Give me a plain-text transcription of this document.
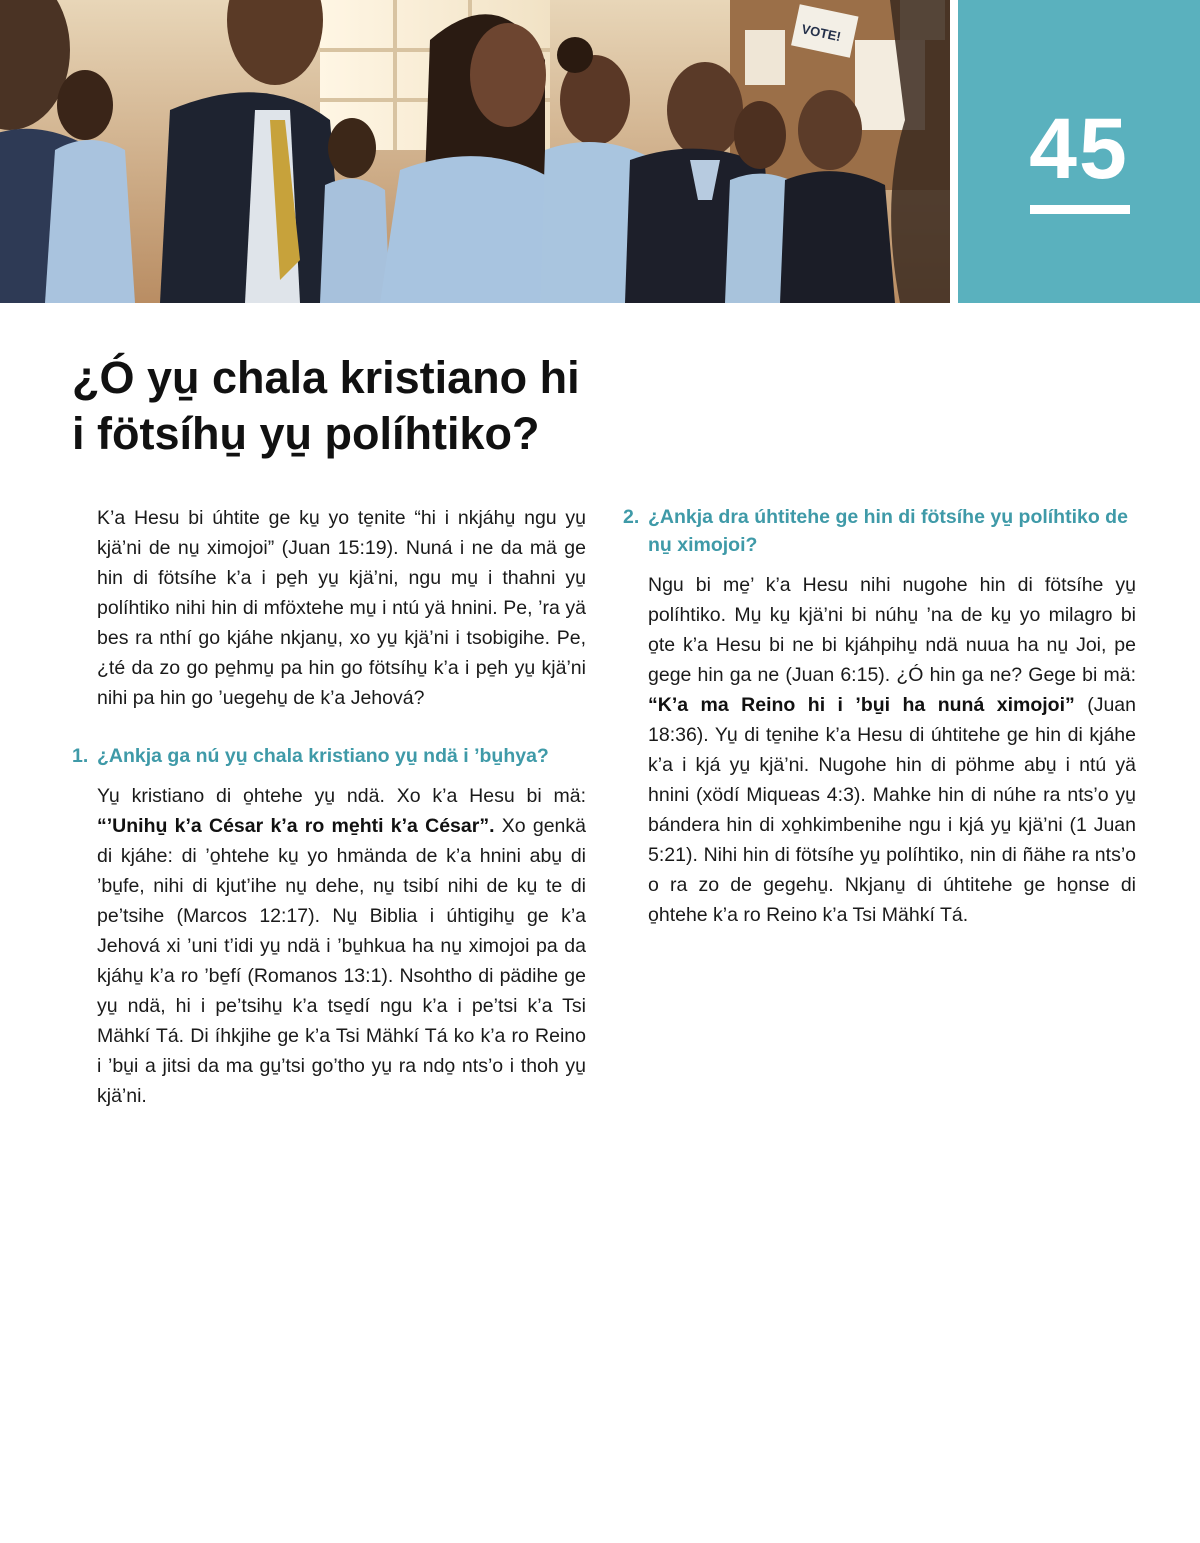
VOTE!
45
¿Ó yu̱ chala kristiano hi
i fötsíhu̱ yu̱ políhtiko?

K’a Hesu bi úhtite ge ku̱ yo te̱nite “hi i nkjáhu̱ ngu yu̱ kjä’ni de nu̱ ximojoi” (Juan 15:19). Nuná i ne da mä ge hin di fötsíhe k’a i pe̱h yu̱ kjä’ni, ngu mu̱ i thahni yu̱ políhtiko nihi hin di mföxtehe mu̱ i ntú yä hnini. Pe, ’ra yä bes ra nthí go kjáhe nkjanu̱, xo yu̱ kjä’ni i tsobigihe. Pe, ¿té da zo go pe̱hmu̱ pa hin go fötsíhu̱ k’a i pe̱h yu̱ kjä’ni nihi pa hin go ’uegehu̱ de k’a Jehová?

1. ¿Ankja ga nú yu̱ chala kristiano yu̱ ndä i ’bu̱hya?

Yu̱ kristiano di o̱htehe yu̱ ndä. Xo k’a Hesu bi mä: “’Unihu̱ k’a César k’a ro me̱hti k’a César”. Xo genkä di kjáhe: di ’o̱htehe ku̱ yo hmända de k’a hnini abu̱ di ’bu̱fe, nihi di kjut’ihe nu̱ dehe, nu̱ tsibí nihi de ku̱ te di pe’tsihe (Marcos 12:17). Nu̱ Biblia i úhtigihu̱ ge k’a Jehová xi ’uni t’idi yu̱ ndä i ’bu̱hkua ha nu̱ ximojoi pa da kjáhu̱ k’a ro ’be̱fí (Romanos 13:1). Nsohtho di pädihe ge yu̱ ndä, hi i pe’tsihu̱ k’a tse̱dí ngu k’a i pe’tsi k’a Tsi Mähkí Tá. Di íhkjihe ge k’a Tsi Mähkí Tá ko k’a ro Reino i ’bu̱i a jitsi da ma gu̱’tsi go’tho yu̱ ra ndo̱ nts’o i thoh yu̱ kjä’ni.

2. ¿Ankja dra úhtitehe ge hin di fötsíhe yu̱ políhtiko de nu̱ ximojoi?

Ngu bi me̱’ k’a Hesu nihi nugohe hin di fötsíhe yu̱ políhtiko. Mu̱ ku̱ kjä’ni bi núhu̱ ’na de ku̱ yo milagro bi o̱te k’a Hesu bi ne bi kjáhpihu̱ ndä nuua ha nu̱ Joi, pe gege hin ga ne (Juan 6:15). ¿Ó hin ga ne? Gege bi mä: “K’a ma Reino hi i ’bu̱i ha nuná ximojoi” (Juan 18:36). Yu̱ di te̱nihe k’a Hesu di úhtitehe ge hin di kjáhe k’a i kjá yu̱ kjä’ni. Nugohe hin di pöhme abu̱ i ntú yä hnini (xödí Miqueas 4:3). Mahke hin di núhe ra nts’o yu̱ bándera hin di xo̱hkimbenihe ngu i kjá yu̱ kjä’ni (1 Juan 5:21). Nihi hin di fötsíhe yu̱ políhtiko, nin di ñähe ra nts’o o ra zo de gegehu̱. Nkjanu̱ di úhtitehe ge ho̱nse di o̱htehe k’a ro Reino k’a Tsi Mähkí Tá.
